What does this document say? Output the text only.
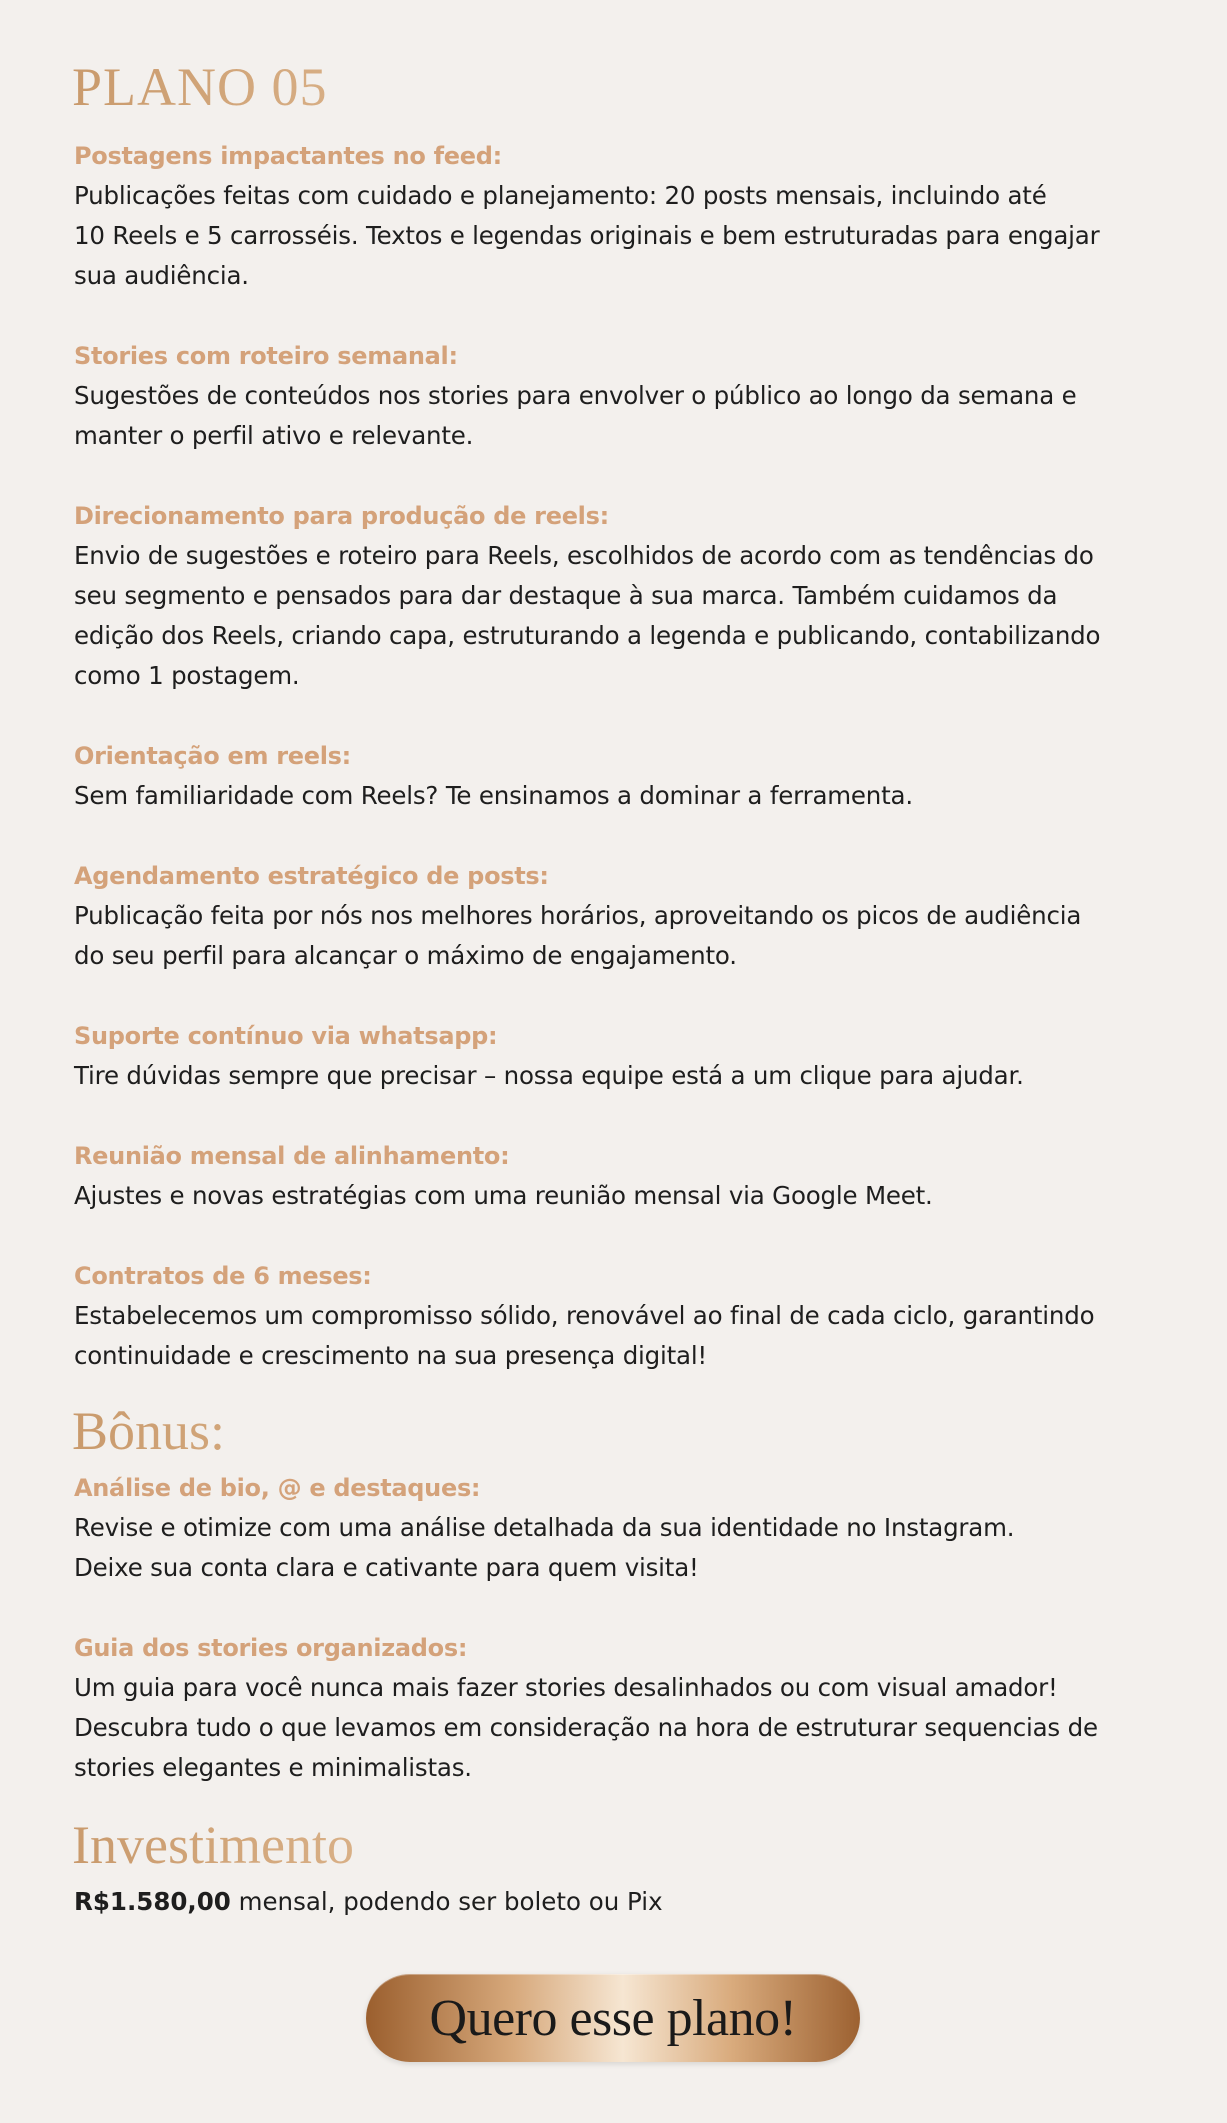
PLANO 05
Postagens impactantes no feed:
Publicações feitas com cuidado e planejamento: 20 posts mensais, incluindo até
10 Reels e 5 carrosséis. Textos e legendas originais e bem estruturadas para engajar
sua audiência.
Stories com roteiro semanal:
Sugestões de conteúdos nos stories para envolver o público ao longo da semana e
manter o perfil ativo e relevante.
Direcionamento para produção de reels:
Envio de sugestões e roteiro para Reels, escolhidos de acordo com as tendências do
seu segmento e pensados para dar destaque à sua marca. Também cuidamos da
edição dos Reels, criando capa, estruturando a legenda e publicando, contabilizando
como 1 postagem.
Orientação em reels:
Sem familiaridade com Reels? Te ensinamos a dominar a ferramenta.
Agendamento estratégico de posts:
Publicação feita por nós nos melhores horários, aproveitando os picos de audiência
do seu perfil para alcançar o máximo de engajamento.
Suporte contínuo via whatsapp:
Tire dúvidas sempre que precisar – nossa equipe está a um clique para ajudar.
Reunião mensal de alinhamento:
Ajustes e novas estratégias com uma reunião mensal via Google Meet.
Contratos de 6 meses:
Estabelecemos um compromisso sólido, renovável ao final de cada ciclo, garantindo
continuidade e crescimento na sua presença digital!
Bônus:
Análise de bio, @ e destaques:
Revise e otimize com uma análise detalhada da sua identidade no Instagram.
Deixe sua conta clara e cativante para quem visita!
Guia dos stories organizados:
Um guia para você nunca mais fazer stories desalinhados ou com visual amador!
Descubra tudo o que levamos em consideração na hora de estruturar sequencias de
stories elegantes e minimalistas.
Investimento
R$1.580,00 mensal, podendo ser boleto ou Pix
Quero esse plano!
